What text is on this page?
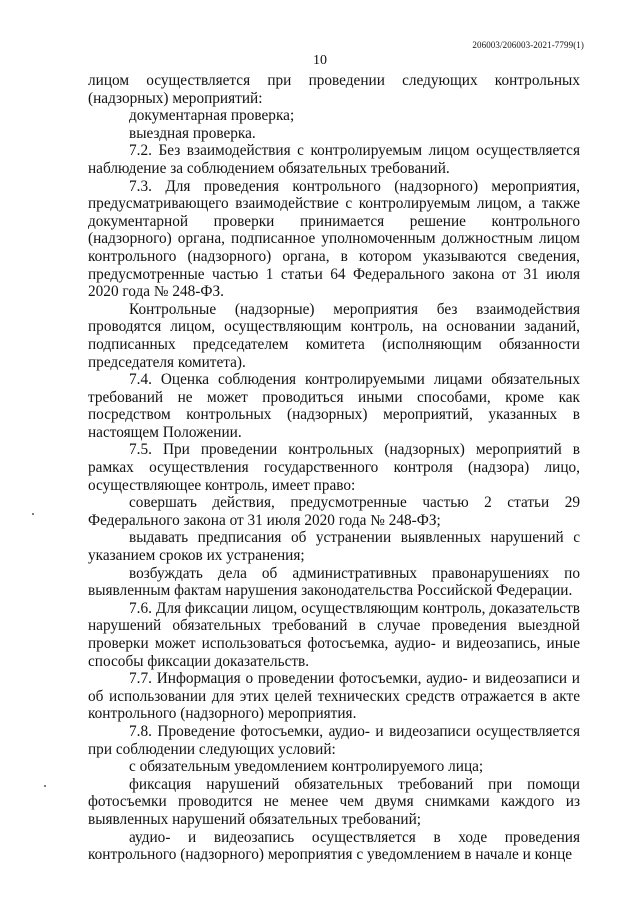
206003/206003-2021-7799(1)
10

лицом осуществляется при проведении следующих контрольных (надзорных) мероприятий:

документарная проверка;

выездная проверка.

7.2. Без взаимодействия с контролируемым лицом осуществляется наблюдение за соблюдением обязательных требований.

7.3. Для проведения контрольного (надзорного) мероприятия, предусматривающего взаимодействие с контролируемым лицом, а также документарной проверки принимается решение контрольного (надзорного) органа, подписанное уполномоченным должностным лицом контрольного (надзорного) органа, в котором указываются сведения, предусмотренные частью 1 статьи 64 Федерального закона от 31 июля 2020 года № 248-ФЗ.

Контрольные (надзорные) мероприятия без взаимодействия проводятся лицом, осуществляющим контроль, на основании заданий, подписанных председателем комитета (исполняющим обязанности председателя комитета).

7.4. Оценка соблюдения контролируемыми лицами обязательных требований не может проводиться иными способами, кроме как посредством контрольных (надзорных) мероприятий, указанных в настоящем Положении.

7.5. При проведении контрольных (надзорных) мероприятий в рамках осуществления государственного контроля (надзора) лицо, осуществляющее контроль, имеет право:

совершать действия, предусмотренные частью 2 статьи 29 Федерального закона от 31 июля 2020 года № 248-ФЗ;

выдавать предписания об устранении выявленных нарушений с указанием сроков их устранения;

возбуждать дела об административных правонарушениях по выявленным фактам нарушения законодательства Российской Федерации.

7.6. Для фиксации лицом, осуществляющим контроль, доказательств нарушений обязательных требований в случае проведения выездной проверки может использоваться фотосъемка, аудио- и видеозапись, иные способы фиксации доказательств.

7.7. Информация о проведении фотосъемки, аудио- и видеозаписи и об использовании для этих целей технических средств отражается в акте контрольного (надзорного) мероприятия.

7.8. Проведение фотосъемки, аудио- и видеозаписи осуществляется при соблюдении следующих условий:

с обязательным уведомлением контролируемого лица;

фиксация нарушений обязательных требований при помощи фотосъемки проводится не менее чем двумя снимками каждого из выявленных нарушений обязательных требований;

аудио- и видеозапись осуществляется в ходе проведения контрольного (надзорного) мероприятия с уведомлением в начале и конце
